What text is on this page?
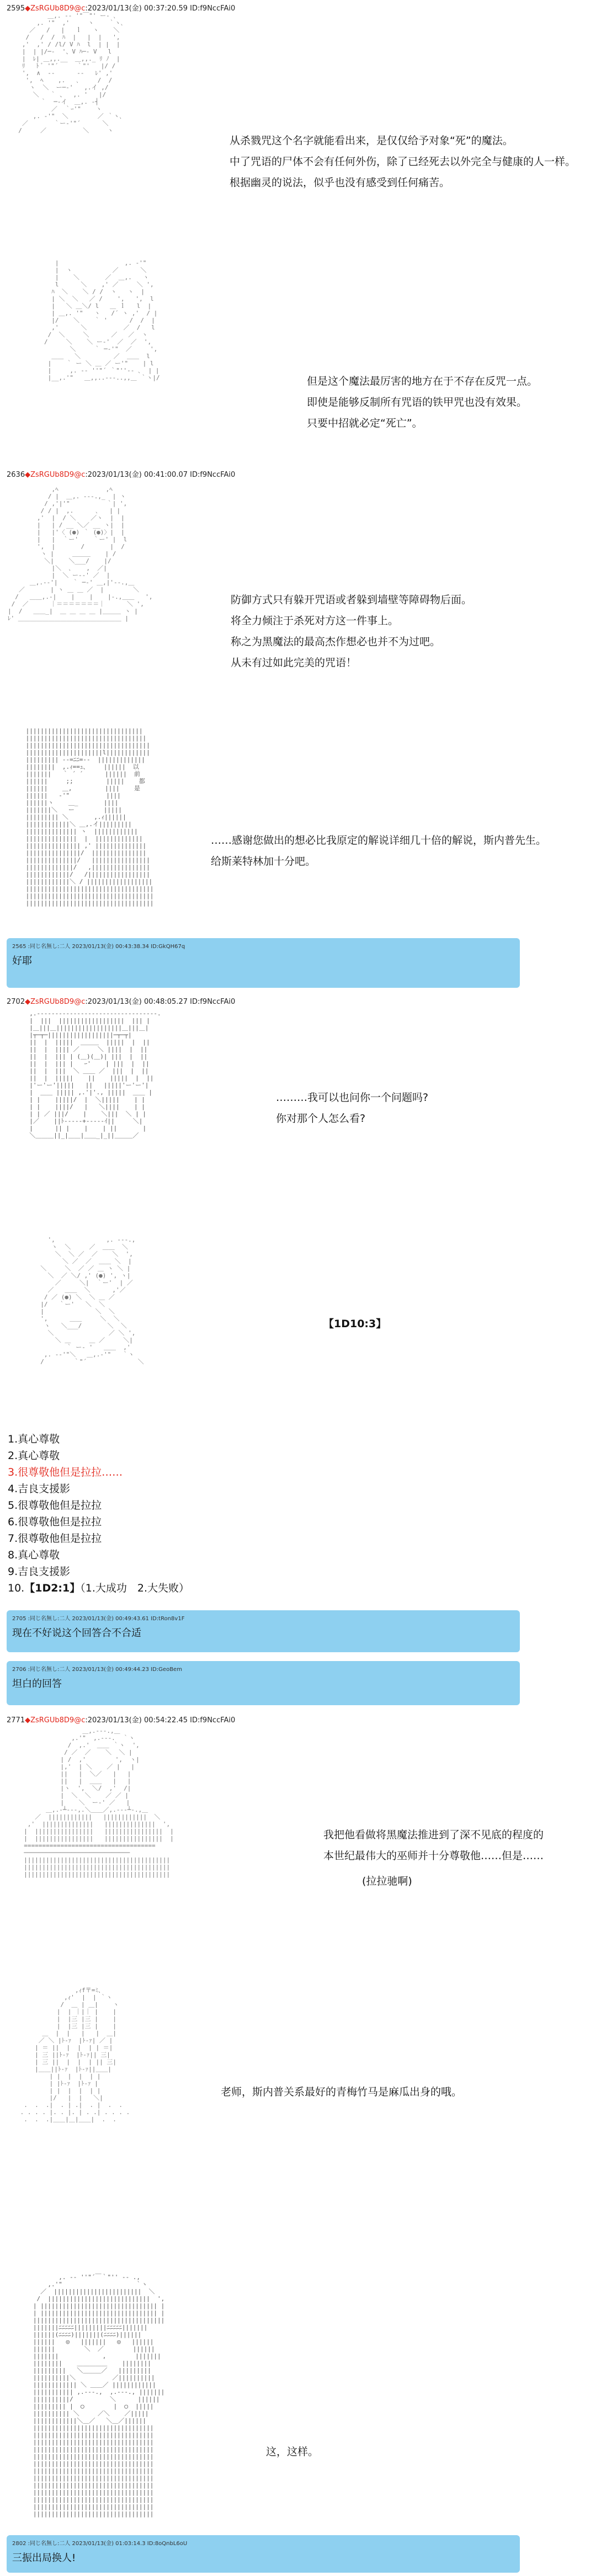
2595◆ZsRGUb8D9@c:2023/01/13(金) 00:37:20.59 ID:f9NccFAi0
＿,. -‐ '"￣"' ー- ､
,. '"  ,'     ヽ    ｀ヽ､
／   /   |   ｌ   ヽ    ＼
/   /  /  ﾊ  |   |  |   ',
,'  ,' / /l/ V ﾊ  l  | |  |
|  | |/─-  '、V ﾊ─- V   l
|  ﾚ| ＿,,.__  ＿,,._ ﾘ ﾉ  |
ﾘ   ﾄ ﾞ '"´     ｀"'   |/ /
',  ∧  ‐-      -‐   ﾚ' ,'
',  ﾍ    ,.   ､     /  /
ヽ  ＼  ー─‐'   ,.イ ,/
＼   ｀ 、  ,. '   |/
｀  ─‐イ  ＿,. -┤
／  ｀ｰ'"    ヽ
,. -'"  ＼        ／ ｀ヽ､
／       ｀ー‐'"´      ＼
/     ／          ＼     ヽ

从杀戮咒这个名字就能看出来，是仅仅给予对象“死”的魔法。
中了咒语的尸体不会有任何外伤，除了已经死去以外完全与健康的人一样。
根据幽灵的说法，似乎也没有感受到任何痛苦。
|                  ,. -'"
|  ヽ           ／      ＼
|    ＼       ／  ＿,.   ヽ
l      ＼    ,' ／     ＼ ',
ﾊ  ＼    ＼ / /  ヽ   ヽ  |
| ＼  ＼   ／ /    ',   ',  l
|   ＼ ＿＼/ l   ＿ ｌ   l  |
| ＿,. '"   ヽ   /´ ヽ ,'  / |
|/    ＼    ｀ '      /  /  |
,'      ＼          ／  /   l
/  ＼     ＼      ／   ／  ヽ
/     ＼    ＼ ー‐'  ／  ／  ',
＼     ｀ ─‐'"  ／     ',
＿＿   ＼         ／  ＿＿  l
|    ｀ ー ＼ ＿ ／ ー'"    | l
|     ,. -‐ ''"´ ｀"''‐- ､  | |
|__,.'"   ＿,,..-‐-..,,＿ ｀ヽ|/	但是这个魔法最厉害的地方在于不存在反咒一点。
即使是能够反制所有咒语的铁甲咒也没有效果。
只要中招就必定“死亡”。
2636◆ZsRGUb8D9@c:2023/01/13(金) 00:41:00.07 ID:f9NccFAi0
,ﾍ             ,ﾍ
/ |  ＿,. -‐-.,_  | ヽ
/ ,'|'"          ｀| ',
/ / |  ,.      ､   | |
,'  |  / ＼    ／ヽ  |  |
|   | / __ ＼／ __ ヽ|  |
|   |'〈 (●) ｀ (●)〉|  |
|   |  ｀ー'    ｀ー' |  l
',  |       /       |  /
ヽ |     ＿＿＿    | /
＼|    ＼___/    |/
|＼  ､    ,  ／|
|  ＼ ー‐‐' ／  |
＿,.-‐'|    ｀ ─‐' ＿,|'‐-.,＿
／       | ヽ ＿ ＿ ／  |        ＼
/   ＿＿,.-|    |    |    |-.,＿＿   ',
/  ／      ｜＝＝＝＝＝＝＝｜      ＼ ',
|  /   ＿＿_|  ＿ ＿ ＿ ＿ |＿＿＿ ヽ |
ﾚ' ＿＿＿＿＿＿＿＿＿＿＿＿＿＿＿＿＿ |

防御方式只有躲开咒语或者躲到墙壁等障碍物后面。
将全力倾注于杀死对方这一件事上。
称之为黑魔法的最高杰作想必也并不为过吧。
从未有过如此完美的咒语！
||||||||||||||||||||||||||||||||
|||||||||||||||||||||||||||||||||
||||||||||||||||||||||||||||||||||
|||||||||||||||||||||l||||||||||||
||||||||| -‐=ﾆﾆ=‐-  |||||||||||||
||||||||  ,.ｨ==ｭ、    ||||||  以
|||||||   ｀ ´ ´      ||||||  前
||||||     ;;         |||||    都
||||||    ＿,         ||||    是
||||||   ‐'"          ||||
||||||ヽ    ＿_       ||||
|||||||＼   ー        |||||
||||||||| ＼       ,.ｨ||||||
||||||||||||＼ ＿,.イ|||||||||
|||||||||||||| ヽ  ||||||||||||
||||||||||||||  |  |||||||||||||
||||||||||||||| ,' ||||||||||||||
|||||||||||||||/  |||||||||||||||
||||||||||||||/   ||||||||||||||||
|||||||||||||/   ,||||||||||||||||
||||||||||||/   /|||||||||||||||||
||||||||||||＼ / ||||||||||||||||||
|||||||||||||||||||||||||||||||||||
|||||||||||||||||||||||||||||||||||
|||||||||||||||||||||||||||||||||||

……感谢您做出的想必比我原定的解说详细几十倍的解说，斯内普先生。
给斯莱特林加十分吧。
2565 :同じ名無し:二人 2023/01/13(金) 00:43:38.34 ID:GkQH67q
好耶
2702◆ZsRGUb8D9@c:2023/01/13(金) 00:48:05.27 ID:f9NccFAi0
,.---------------------------------.
|  |||  ||||||||||||||||||  ||| |
|＿|||＿||||||||||||||||||＿|||＿|
|┬─┬─||||||||||||||||||─┬─┬|
||  |  |||||  ＿＿＿  |||||  |  ||
||  |  |||| ／     ＼ ||||  |  ||
||  |  ||| | (＿)(＿)| |||  |  ||
||  |  ||| |   ｰ'    | |||  |  ||
||  |  |||  ＼ ＿＿ ／  |||  |  ||
||  |  |||||    ||    |||||  |  ||
|'ー'ー'|||||   ||   |||||'ー'ー'|
|  ＿＿ ||||| ,.'|'., |||||  ＿＿ |
| |    |||||/  |  ＼|||||    | |
| |    ||||/   |   ＼||||    | |
| | ／ |||/    |    ＼|||  ＼ | |
|／    ||ﾄ-----+-----ｲ||     ＼|
|      || |    |    | ||       |
＼＿＿＿||_|＿＿|＿＿_|_||＿＿＿／

………我可以也问你一个问题吗?
你对那个人怎么看?
',              ,. -‐-.,
ヽ  ＼     ／  ＿＿  ＼
＼  ＼ ／  ／    ＼  ',
＼ ／  ／  ＿＿ ＼  |
＼     ＼  ／ ／ ＿ ヽ ＼ |
＼  ／ ＼/ ,' (●) ', ヽ|
／     ＼|  ｀ー'  | ／
／   ＿＿  ＼      ,'／
/ ／ (●) ＼  ＼ ＿ ／
|/   ｀ー'   ＼  ＼
|              ＼  ＼
',      ＿＿     ＼  ＼
ヽ   ＼___/       ＼  ＼
＼               ／ ＼ ',
＼ ＿     ＿ ／     ＼|
｀ ー‐ '   ＿＿  ,'
,. -‐'"＼   ＿,.-'"   ｀ヽ
/        ｀"´              ＼

【1D10:3】
1.真心尊敬
2.真心尊敬
3.很尊敬他但是拉拉……
4.吉良支援影
5.很尊敬他但是拉拉
6.很尊敬他但是拉拉
7.很尊敬他但是拉拉
8.真心尊敬
9.吉良支援影
10.【1D2:1】（1.大成功　2.大失败）
2705 :同じ名無し:二人 2023/01/13(金) 00:49:43.61 ID:tRon8v1F
现在不好说这个回答合不合适
2706 :同じ名無し:二人 2023/01/13(金) 00:49:44.23 ID:GeoBem
坦白的回答
2771◆ZsRGUb8D9@c:2023/01/13(金) 00:54:22.45 ID:f9NccFAi0
＿,.-‐-.,＿
,.'"  ,.-‐-.  ｀ヽ
/  ,.'  ＿＿ ｀ヽ  ',
/ ／  ／    ＼  ＼ |
| /  ,'        ',  ヽ|
|,'  | ＼    ／ |   |
||   |  ＼／   |   |
||   |  ＿＿   |   |
|ヽ  ',  ＼/  ,'  /|
|  ＼  ＼    ／ ／ |
|    ＼  ー‐' ／   |
＿,.-┴---,.＼＿＿／,.---┴-.,＿
／  ||||||||||||   ||||||||||||  ＼
,'  ||||||||||||||   ||||||||||||||  ',
|  ||||||||||||||||   ||||||||||||||||  |
|  ||||||||||||||||   ||||||||||||||||  |
====================================
─────────────────────────────
||||||||||||||||||||||||||||||||||||||||
||||||||||||||||||||||||||||||||||||||||
||||||||||||||||||||||||||||||||||||||||

我把他看做将黑魔法推进到了深不见底的程度的
本世纪最伟大的巫师并十分尊敬他……但是……
(拉拉驰啊)
,ｨf〒=ﾐ、
,ｨ'  |  | ｀ヽ
/  ＿ | ＿|    ヽ
|  | ｜|｜ |    |
|  |三 |三 |    |
|  |三 |三 |    |
＿  |  |   |   |  ＿|
／ ＼ |ﾄ-ｧ  |ﾄ-ｧ| ／ |
| ＝ ||  |  |  | | ＝|
| 三 ||ﾄ-ｧ  |ﾄ-ｧ|| 三|
| 三 ||  |  |  | || 三|
|＿＿||ﾄ-ｧ  |ﾄ-ｧ||＿＿|
| |  |  |  | |
| |ﾄ-ｧ  |ﾄ-ｧ |
| |  |  |  | |
|/   |  |   ＼|
.  .  .|  . | .|  . |  .  .
. . . . |. . |. | . .| . . . .
.  .  .|＿＿|＿|＿＿|  .  .

老师，斯内普关系最好的青梅竹马是麻瓜出身的哦。
,. -‐ ''"´￣｀"'' ‐- .,
,.'"                    ｀ヽ
／  ||||||||||||||||||||||||  ＼
/  ||||||||||||||||||||||||||||  ',
| |||||||||||||||||||||||||||||||| |
| |||||||||||||||||||||||||||||||| |
||||||||||||||||||||||||||||||||||||
|||||||ﾆﾆﾆﾆﾆ|||||||||ﾆﾆﾆﾆﾆ|||||||
||||||(ﾆﾆﾆﾆ)|||||||(ﾆﾆﾆﾆ)||||||
||||||   ◎   |||||||   ◎   ||||||
||||||        ＼  ／        ||||||
|||||||            ,        |||||||
||||||||    ＿＿＿＿＿    ||||||||
|||||||||   ＼＿＿＿／   |||||||||
||||||||||＼          ／||||||||||
|||||||||||| ＼ ＿＿／ ||||||||||||
||||||||||| ,.-‐-.,  ,.-‐-., |||||||
||||||||||/          ＼      ||||||
||||||||| |  ◯        |  ◯  |||||
|||||||||| ＼     ／＼    ／|||||
||||||||||||＼＿／   ＼＿／||||||
|||||||||||||||||||||||||||||||||
|||||||||||||||||||||||||||||||||
|||||||||||||||||||||||||||||||||
|||||||||||||||||||||||||||||||||
|||||||||||||||||||||||||||||||||
|||||||||||||||||||||||||||||||||
|||||||||||||||||||||||||||||||||
|||||||||||||||||||||||||||||||||
|||||||||||||||||||||||||||||||||
|||||||||||||||||||||||||||||||||
|||||||||||||||||||||||||||||||||
|||||||||||||||||||||||||||||||||
|||||||||||||||||||||||||||||||||

这，这样。
2802 :同じ名無し:二人 2023/01/13(金) 01:03:14.3 ID:8oQnbL6oU
三振出局换人!
